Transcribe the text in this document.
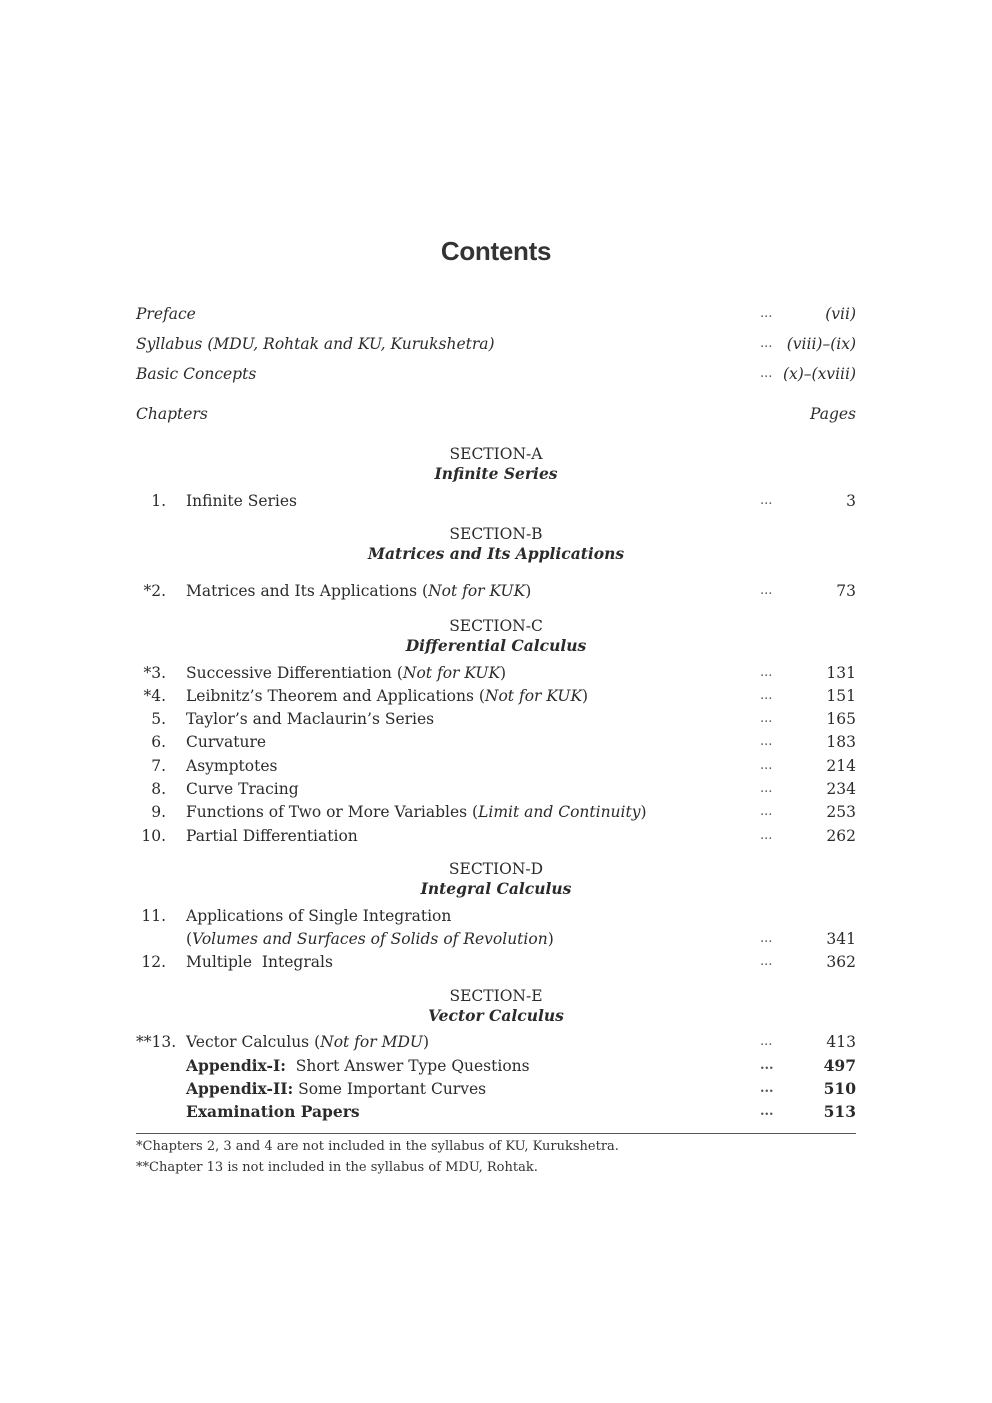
Contents
Preface	...	(vii)
Syllabus (MDU, Rohtak and KU, Kurukshetra)	... (viii)–(ix)
Basic Concepts	... (x)–(xviii)
Chapters	Pages
SECTION-A
Infinite Series
1. Infinite Series	...	3
SECTION-B
Matrices and Its Applications
*2. Matrices and Its Applications (Not for KUK)	...	73
SECTION-C
Differential Calculus
*3. Successive Differentiation (Not for KUK)	...	131
*4. Leibnitz’s Theorem and Applications (Not for KUK)	...	151
5. Taylor’s and Maclaurin’s Series	...	165
6. Curvature	...	183
7. Asymptotes	...	214
8. Curve Tracing	...	234
9. Functions of Two or More Variables (Limit and Continuity)	...	253
10. Partial Differentiation	...	262
SECTION-D
Integral Calculus
11. Applications of Single Integration
(Volumes and Surfaces of Solids of Revolution)	...	341
12. Multiple  Integrals	...	362
SECTION-E
Vector Calculus
**13. Vector Calculus (Not for MDU)	...	413
Appendix-I:  Short Answer Type Questions	...	497
Appendix-II: Some Important Curves	...	510
Examination Papers	...	513
*Chapters 2, 3 and 4 are not included in the syllabus of KU, Kurukshetra.
**Chapter 13 is not included in the syllabus of MDU, Rohtak.
